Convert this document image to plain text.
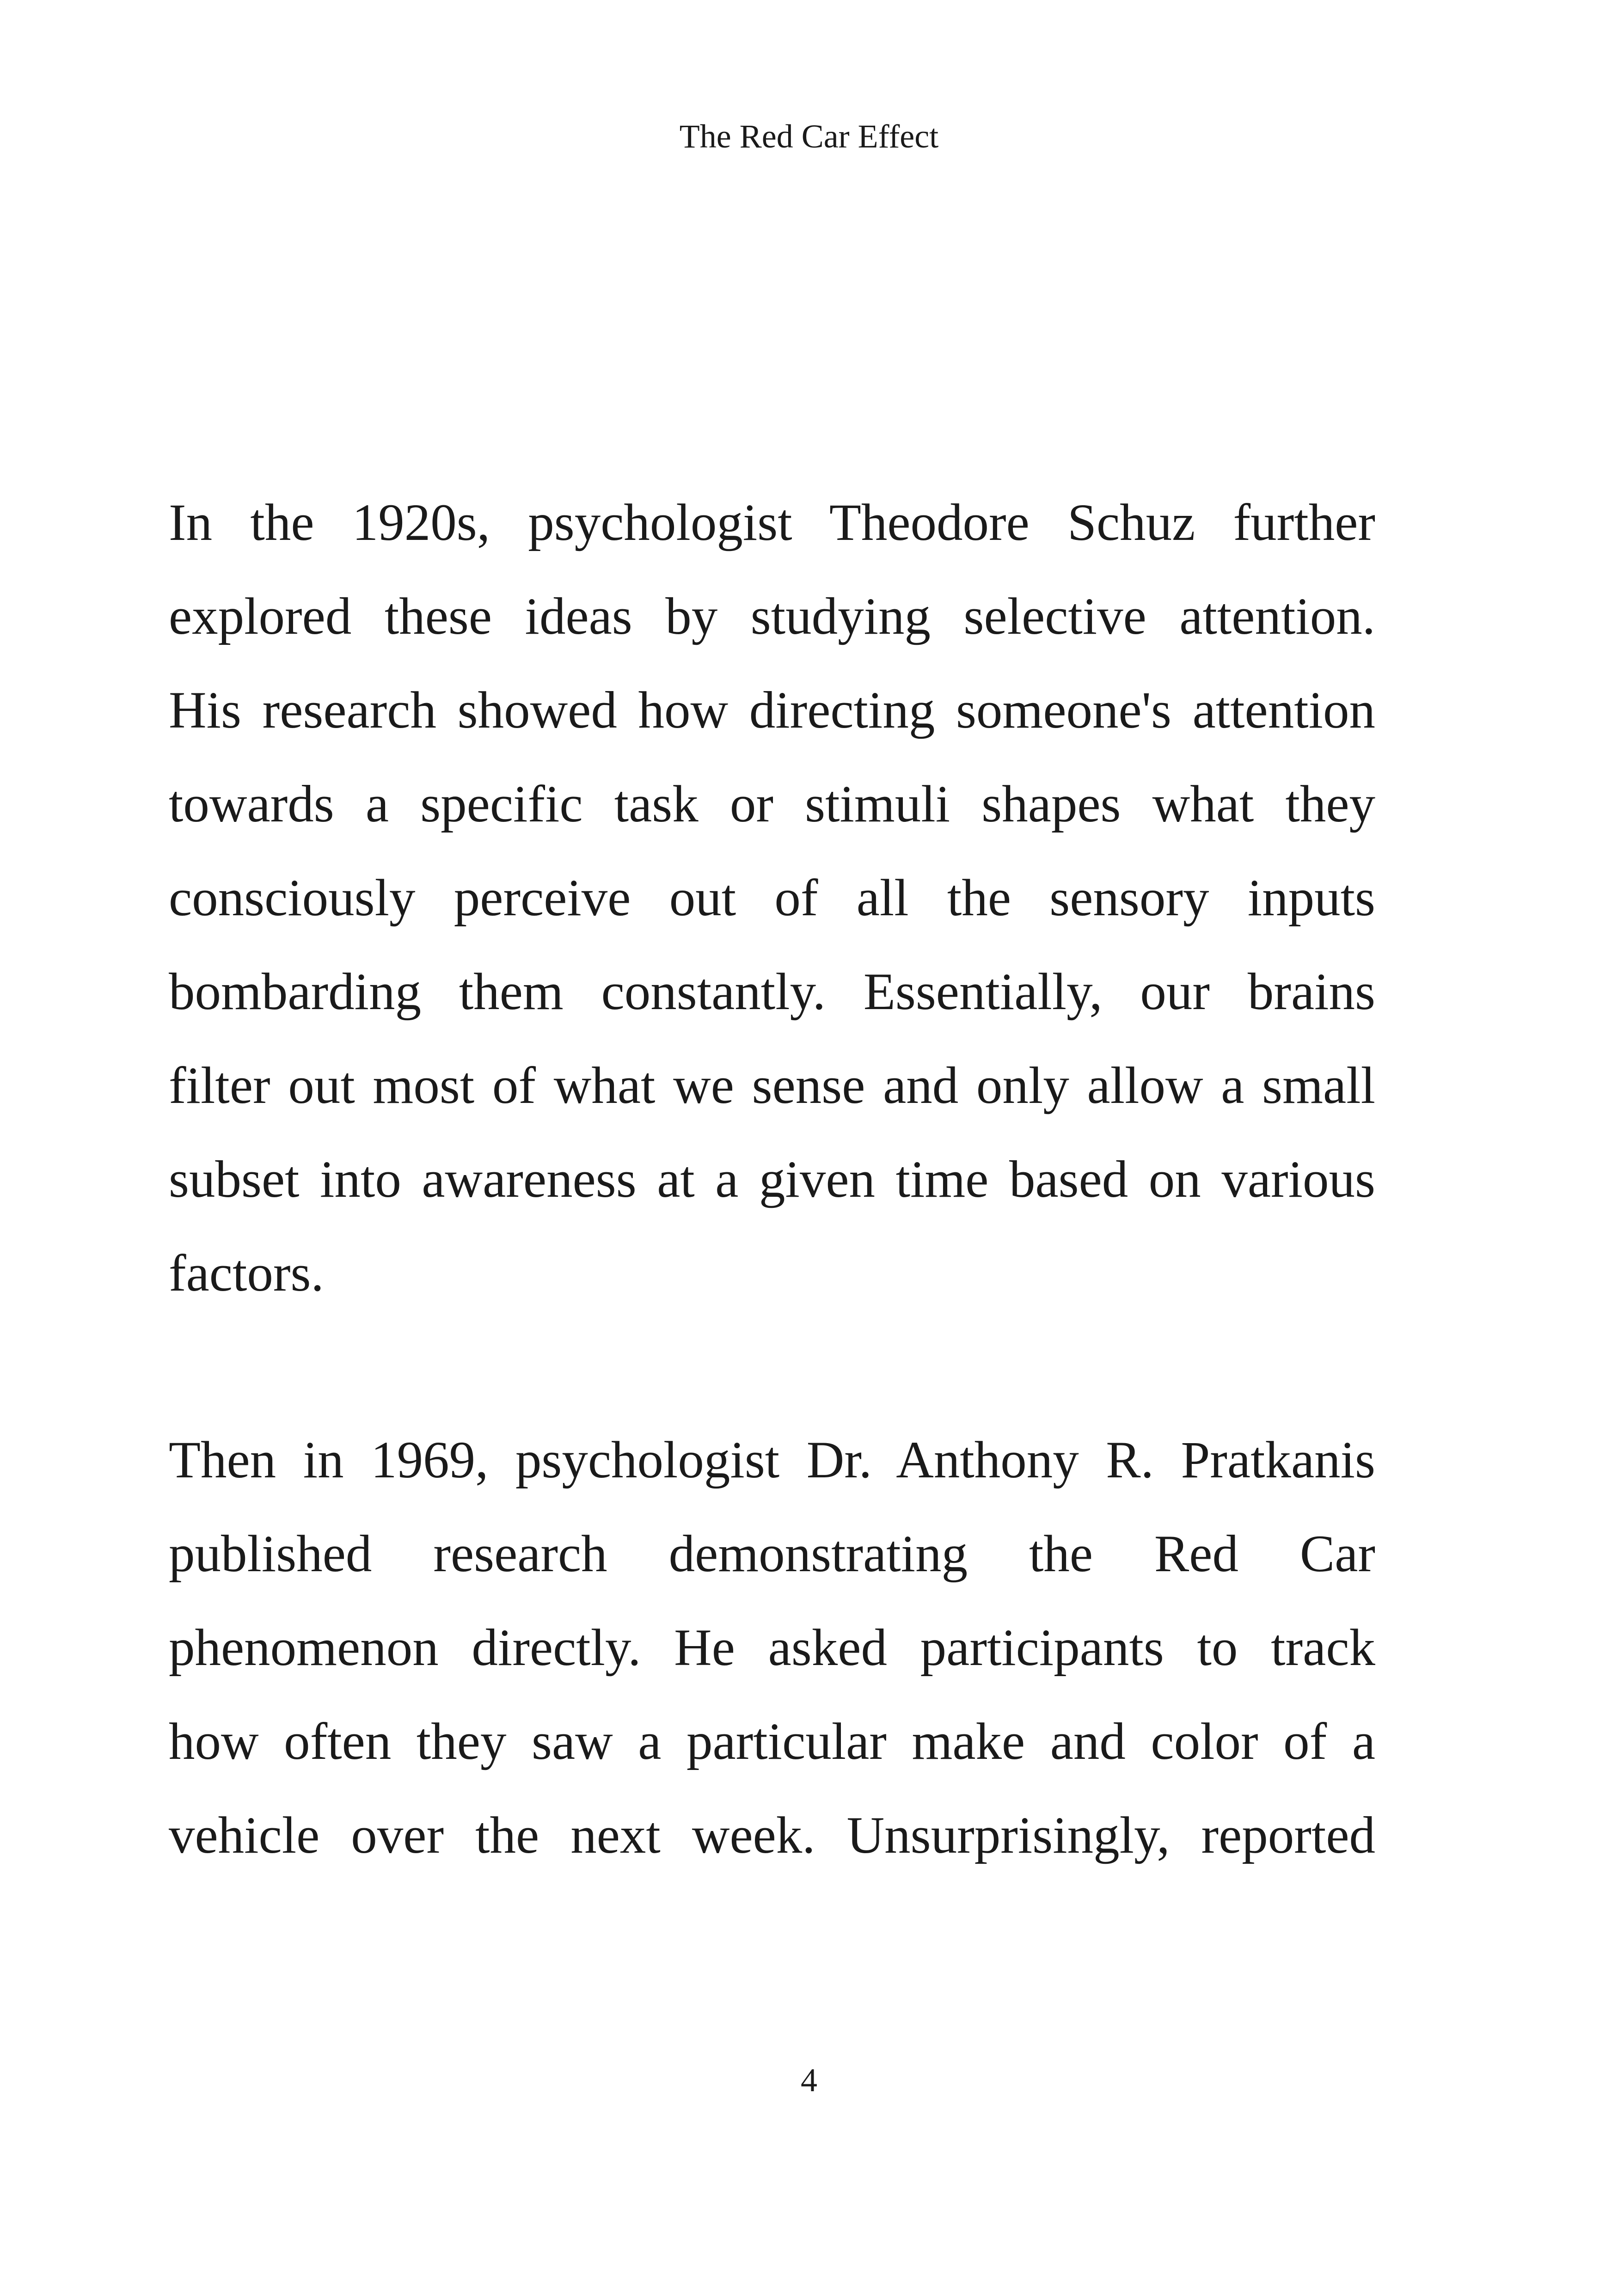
The Red Car Effect
In the 1920s, psychologist Theodore Schuz further
explored these ideas by studying selective attention.
His research showed how directing someone's attention
towards a specific task or stimuli shapes what they
consciously perceive out of all the sensory inputs
bombarding them constantly. Essentially, our brains
filter out most of what we sense and only allow a small
subset into awareness at a given time based on various
factors.
Then in 1969, psychologist Dr. Anthony R. Pratkanis
published research demonstrating the Red Car
phenomenon directly. He asked participants to track
how often they saw a particular make and color of a
vehicle over the next week. Unsurprisingly, reported
4
